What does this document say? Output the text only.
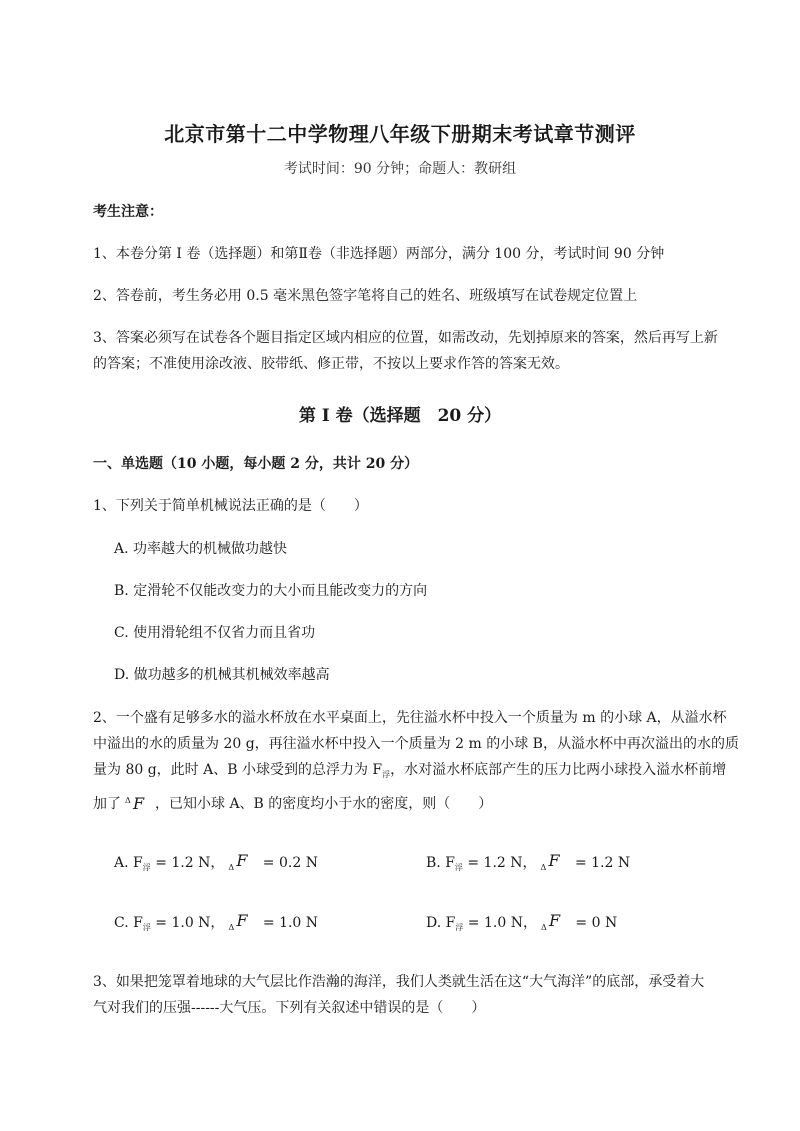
北京市第十二中学物理八年级下册期末考试章节测评
考试时间：90 分钟；命题人：教研组
考生注意：
1、本卷分第 I 卷（选择题）和第Ⅱ卷（非选择题）两部分，满分 100 分，考试时间 90 分钟
2、答卷前，考生务必用 0.5 毫米黑色签字笔将自己的姓名、班级填写在试卷规定位置上
3、答案必须写在试卷各个题目指定区域内相应的位置，如需改动，先划掉原来的答案，然后再写上新
的答案；不准使用涂改液、胶带纸、修正带，不按以上要求作答的答案无效。
第 I 卷（选择题　20 分）
一、单选题（10 小题，每小题 2 分，共计 20 分）
1、下列关于简单机械说法正确的是（　　）
A. 功率越大的机械做功越快
B. 定滑轮不仅能改变力的大小而且能改变力的方向
C. 使用滑轮组不仅省力而且省功
D. 做功越多的机械其机械效率越高
2、一个盛有足够多水的溢水杯放在水平桌面上，先往溢水杯中投入一个质量为 m 的小球 A，从溢水杯
中溢出的水的质量为 20 g，再往溢水杯中投入一个质量为 2 m 的小球 B，从溢水杯中再次溢出的水的质
量为 80 g，此时 A、B 小球受到的总浮力为 $F_浮$，水对溢水杯底部产生的压力比两小球投入溢水杯前增
加了 Δ F ，已知小球 A、B 的密度均小于水的密度，则（　　）
A. $F_浮 = 1.2$ N， Δ F = 0.2 N	B. $F_浮 = 1.2$ N， Δ F = 1.2 N
C. $F_浮 = 1.0$ N， Δ F = 1.0 N	D. $F_浮 = 1.0$ N， Δ F = 0 N
3、如果把笼罩着地球的大气层比作浩瀚的海洋，我们人类就生活在这“大气海洋”的底部，承受着大
气对我们的压强------大气压。下列有关叙述中错误的是（　　）
